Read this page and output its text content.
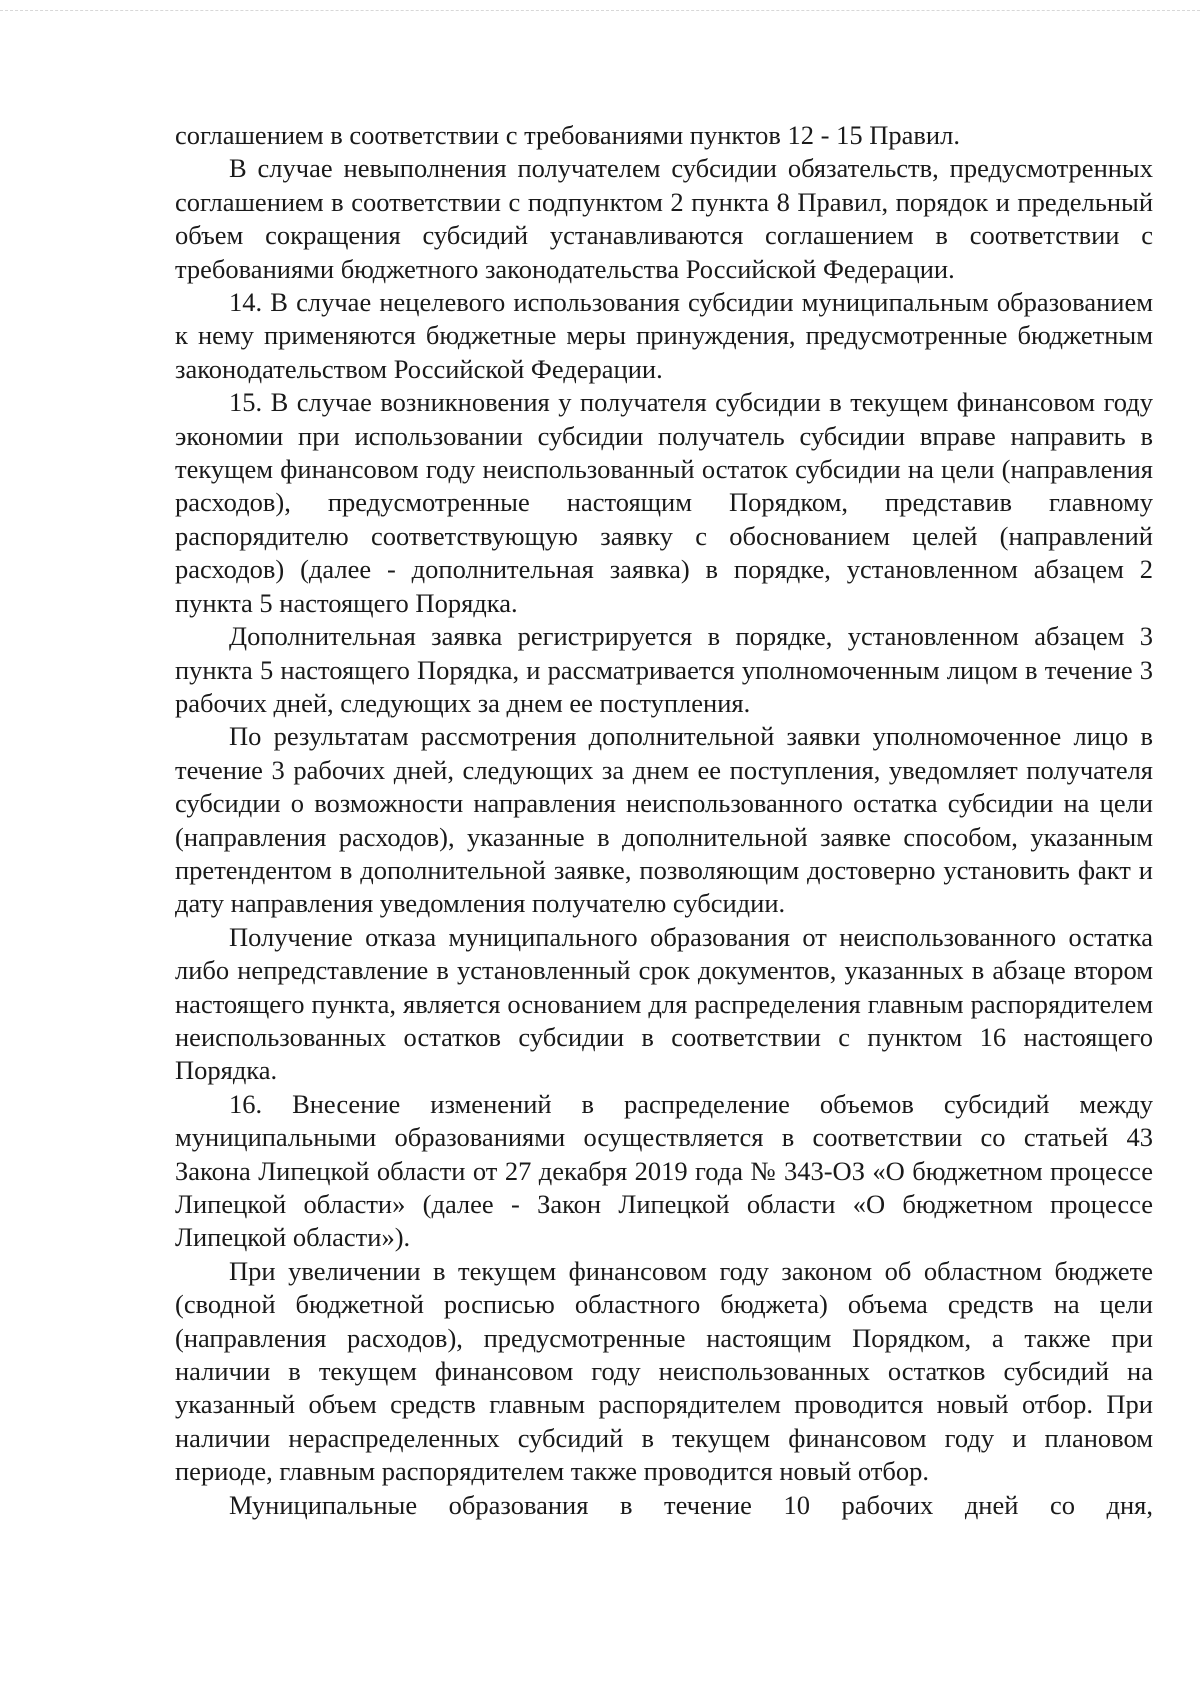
соглашением в соответствии с требованиями пунктов 12 - 15 Правил.

В случае невыполнения получателем субсидии обязательств, предусмотренных соглашением в соответствии с подпунктом 2 пункта 8 Правил, порядок и предельный объем сокращения субсидий устанавливаются соглашением в соответствии с требованиями бюджетного законодательства Российской Федерации.

14. В случае нецелевого использования субсидии муниципальным образованием к нему применяются бюджетные меры принуждения, предусмотренные бюджетным законодательством Российской Федерации.

15. В случае возникновения у получателя субсидии в текущем финансовом году экономии при использовании субсидии получатель субсидии вправе направить в текущем финансовом году неиспользованный остаток субсидии на цели (направления расходов), предусмотренные настоящим Порядком, представив главному распорядителю соответствующую заявку с обоснованием целей (направлений расходов) (далее - дополнительная заявка) в порядке, установленном абзацем 2 пункта 5 настоящего Порядка.

Дополнительная заявка регистрируется в порядке, установленном абзацем 3 пункта 5 настоящего Порядка, и рассматривается уполномоченным лицом в течение 3 рабочих дней, следующих за днем ее поступления.

По результатам рассмотрения дополнительной заявки уполномоченное лицо в течение 3 рабочих дней, следующих за днем ее поступления, уведомляет получателя субсидии о возможности направления неиспользованного остатка субсидии на цели (направления расходов), указанные в дополнительной заявке способом, указанным претендентом в дополнительной заявке, позволяющим достоверно установить факт и дату направления уведомления получателю субсидии.

Получение отказа муниципального образования от неиспользованного остатка либо непредставление в установленный срок документов, указанных в абзаце втором настоящего пункта, является основанием для распределения главным распорядителем неиспользованных остатков субсидии в соответствии с пунктом 16 настоящего Порядка.

16. Внесение изменений в распределение объемов субсидий между муниципальными образованиями осуществляется в соответствии со статьей 43 Закона Липецкой области от 27 декабря 2019 года № 343-ОЗ «О бюджетном процессе Липецкой области» (далее - Закон Липецкой области «О бюджетном процессе Липецкой области»).

При увеличении в текущем финансовом году законом об областном бюджете (сводной бюджетной росписью областного бюджета) объема средств на цели (направления расходов), предусмотренные настоящим Порядком, а также при наличии в текущем финансовом году неиспользованных остатков субсидий на указанный объем средств главным распорядителем проводится новый отбор. При наличии нераспределенных субсидий в текущем финансовом году и плановом периоде, главным распорядителем также проводится новый отбор.

Муниципальные образования в течение 10 рабочих дней со дня,
